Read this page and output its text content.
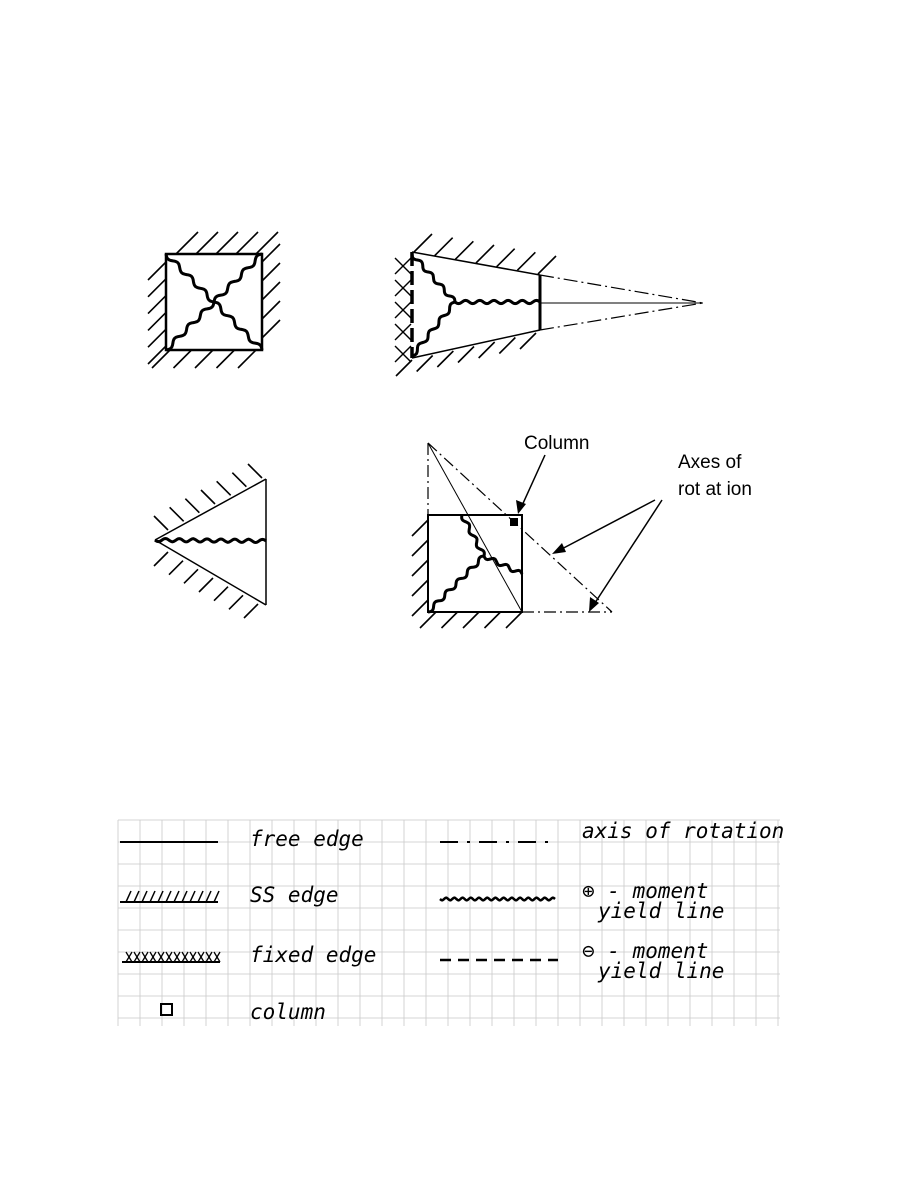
Column
Axes of
rot at ion
free edge
SS edge
fixed edge
column
axis of rotation
⊕ - moment
yield line
⊖ - moment
yield line
